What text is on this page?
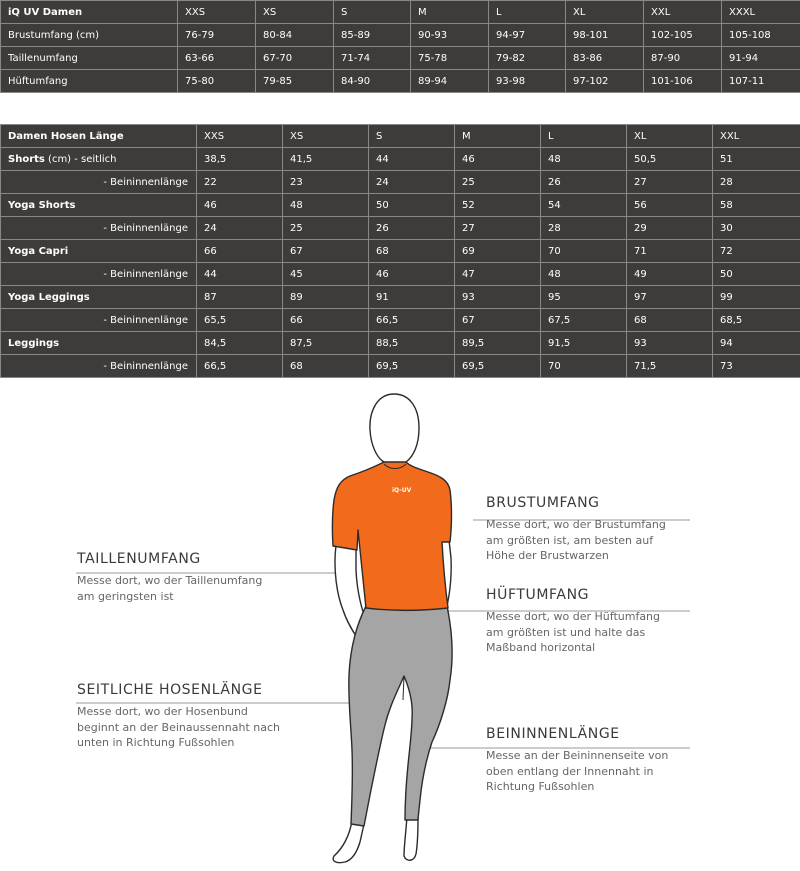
iQ UV Damen	XXS	XS	S	M	L	XL	XXL	XXXL
Brustumfang (cm)	76-79	80-84	85-89	90-93	94-97	98-101	102-105	105-108
Taillenumfang	63-66	67-70	71-74	75-78	79-82	83-86	87-90	91-94
Hüftumfang	75-80	79-85	84-90	89-94	93-98	97-102	101-106	107-11
Damen Hosen Länge	XXS	XS	S	M	L	XL	XXL
Shorts (cm) - seitlich	38,5	41,5	44	46	48	50,5	51
- Beininnenlänge	22	23	24	25	26	27	28
Yoga Shorts	46	48	50	52	54	56	58
- Beininnenlänge	24	25	26	27	28	29	30
Yoga Capri	66	67	68	69	70	71	72
- Beininnenlänge	44	45	46	47	48	49	50
Yoga Leggings	87	89	91	93	95	97	99
- Beininnenlänge	65,5	66	66,5	67	67,5	68	68,5
Leggings	84,5	87,5	88,5	89,5	91,5	93	94
- Beininnenlänge	66,5	68	69,5	69,5	70	71,5	73
iQ-UV
BRUSTUMFANG
Messe dort, wo der Brustumfang
am größten ist, am besten auf
Höhe der Brustwarzen
TAILLENUMFANG
Messe dort, wo der Taillenumfang
am geringsten ist	HÜFTUMFANG
Messe dort, wo der Hüftumfang
am größten ist und halte das
Maßband horizontal
SEITLICHE HOSENLÄNGE
Messe dort, wo der Hosenbund
beginnt an der Beinaussennaht nach
unten in Richtung Fußsohlen
BEININNENLÄNGE
Messe an der Beininnenseite von
oben entlang der Innennaht in
Richtung Fußsohlen
